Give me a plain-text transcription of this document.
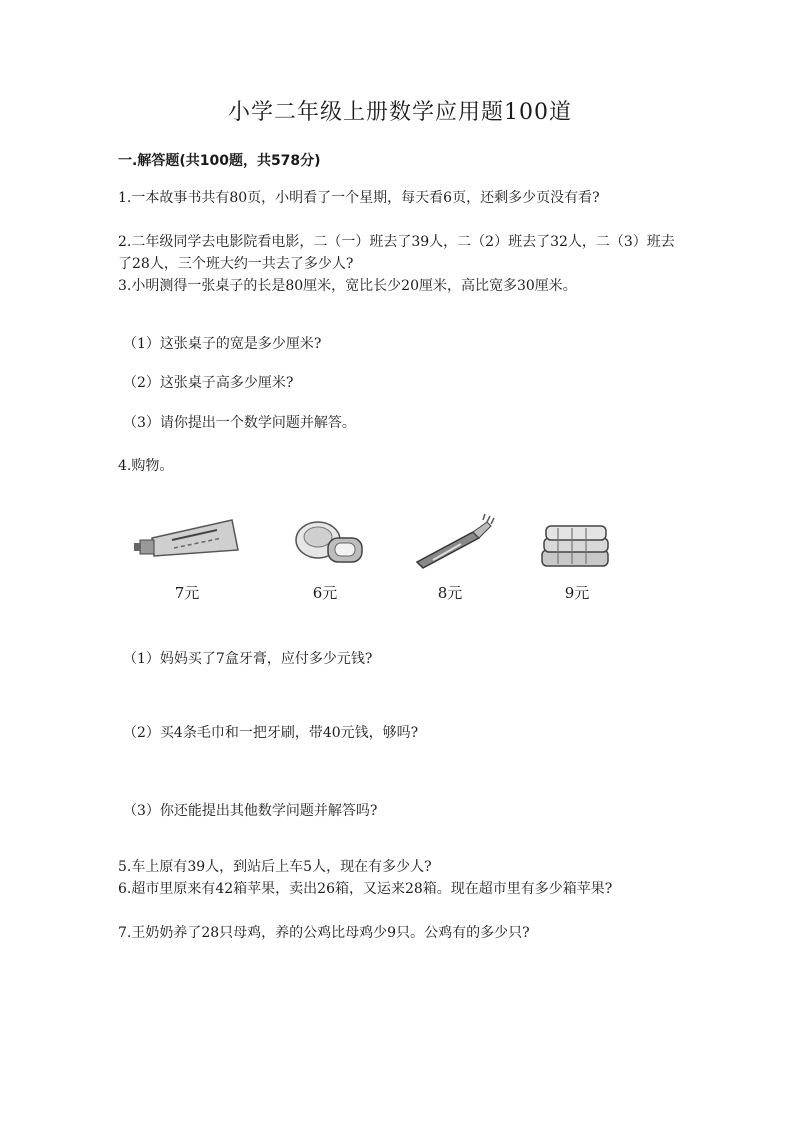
小学二年级上册数学应用题100道
一.解答题(共100题，共578分)
1.一本故事书共有80页，小明看了一个星期，每天看6页，还剩多少页没有看?
2.二年级同学去电影院看电影，二（一）班去了39人，二（2）班去了32人，二（3）班去了28人，三个班大约一共去了多少人?
3.小明测得一张桌子的长是80厘米，宽比长少20厘米，高比宽多30厘米。
（1）这张桌子的宽是多少厘米?
（2）这张桌子高多少厘米?
（3）请你提出一个数学问题并解答。
4.购物。
7元	6元	8元	9元
（1）妈妈买了7盒牙膏，应付多少元钱?
（2）买4条毛巾和一把牙刷，带40元钱，够吗?
（3）你还能提出其他数学问题并解答吗?
5.车上原有39人，到站后上车5人，现在有多少人?
6.超市里原来有42箱苹果，卖出26箱，又运来28箱。现在超市里有多少箱苹果?
7.王奶奶养了28只母鸡，养的公鸡比母鸡少9只。公鸡有的多少只?
